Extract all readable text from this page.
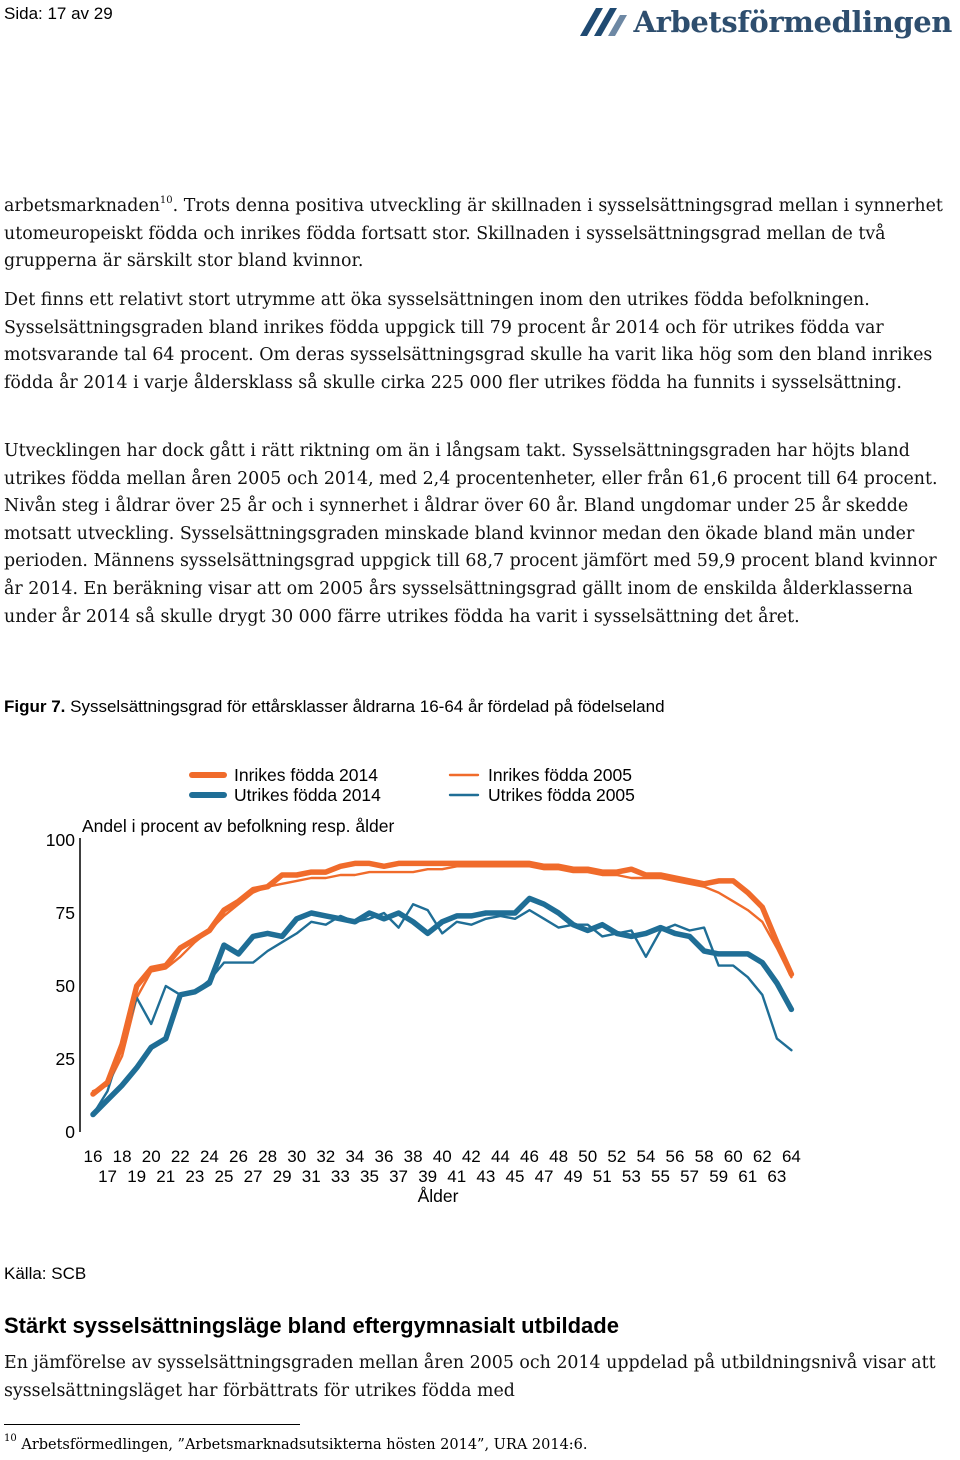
Sida: 17 av 29	Arbetsförmedlingen

arbetsmarknaden$^{10}$. Trots denna positiva utveckling är skillnaden i sysselsättningsgrad mellan i synnerhet utomeuropeiskt födda och inrikes födda fortsatt stor. Skillnaden i sysselsättningsgrad mellan de två grupperna är särskilt stor bland kvinnor.

Det finns ett relativt stort utrymme att öka sysselsättningen inom den utrikes födda befolkningen. Sysselsättningsgraden bland inrikes födda uppgick till 79 procent år 2014 och för utrikes födda var motsvarande tal 64 procent. Om deras sysselsättningsgrad skulle ha varit lika hög som den bland inrikes födda år 2014 i varje åldersklass så skulle cirka 225 000 fler utrikes födda ha funnits i sysselsättning.

Utvecklingen har dock gått i rätt riktning om än i långsam takt. Sysselsättningsgraden har höjts bland utrikes födda mellan åren 2005 och 2014, med 2,4 procentenheter, eller från 61,6 procent till 64 procent. Nivån steg i åldrar över 25 år och i synnerhet i åldrar över 60 år. Bland ungdomar under 25 år skedde motsatt utveckling. Sysselsättningsgraden minskade bland kvinnor medan den ökade bland män under perioden. Männens sysselsättningsgrad uppgick till 68,7 procent jämfört med 59,9 procent bland kvinnor år 2014. En beräkning visar att om 2005 års sysselsättningsgrad gällt inom de enskilda ålderklasserna under år 2014 så skulle drygt 30 000 färre utrikes födda ha varit i sysselsättning det året.

Figur 7. Sysselsättningsgrad för ettårsklasser åldrarna 16-64 år fördelad på födelseland
Inrikes födda 2014
Utrikes födda 2014
Inrikes födda 2005
Utrikes födda 2005
Andel i procent av befolkning resp. ålder
0
25
50
75
100
16 18 20 22 24 26 28 30 32 34 36 38 40 42 44 46 48 50 52 54 56 58 60 62 64
17 19 21 23 25 27 29 31 33 35 37 39 41 43 45 47 49 51 53 55 57 59 61 63
Ålder
Källa: SCB
Stärkt sysselsättningsläge bland eftergymnasialt utbildade

En jämförelse av sysselsättningsgraden mellan åren 2005 och 2014 uppdelad på utbildningsnivå visar att sysselsättningsläget har förbättrats för utrikes födda med

$^{10}$ Arbetsförmedlingen, ”Arbetsmarknadsutsikterna hösten 2014”, URA 2014:6.
